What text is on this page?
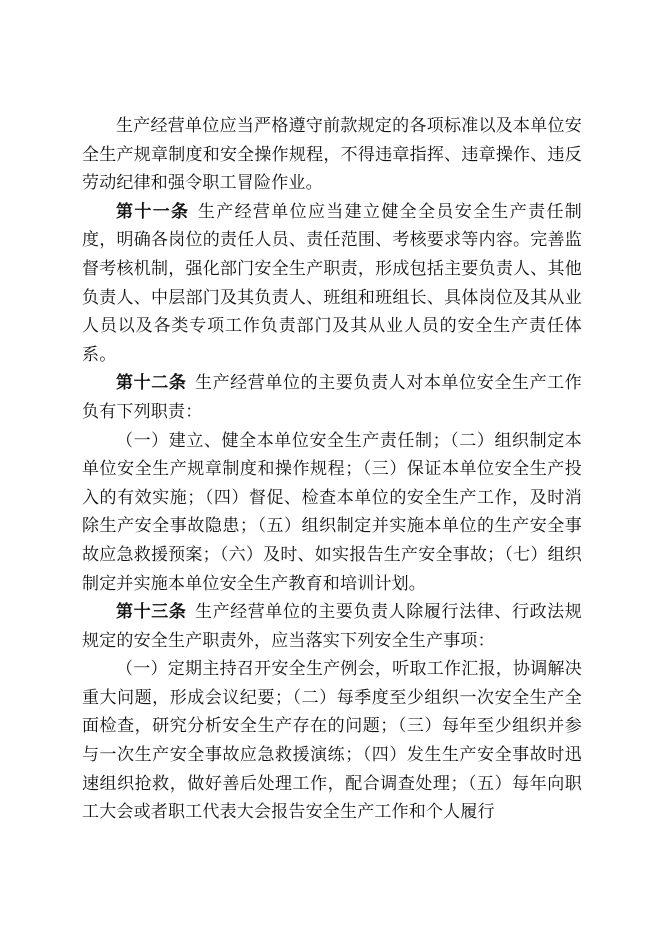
生产经营单位应当严格遵守前款规定的各项标准以及本单位安全生产规章制度和安全操作规程，不得违章指挥、违章操作、违反劳动纪律和强令职工冒险作业。

第十一条 生产经营单位应当建立健全全员安全生产责任制度，明确各岗位的责任人员、责任范围、考核要求等内容。完善监督考核机制，强化部门安全生产职责，形成包括主要负责人、其他负责人、中层部门及其负责人、班组和班组长、具体岗位及其从业人员以及各类专项工作负责部门及其从业人员的安全生产责任体系。

第十二条 生产经营单位的主要负责人对本单位安全生产工作负有下列职责：

（一）建立、健全本单位安全生产责任制；（二）组织制定本单位安全生产规章制度和操作规程；（三）保证本单位安全生产投入的有效实施；（四）督促、检查本单位的安全生产工作，及时消除生产安全事故隐患；（五）组织制定并实施本单位的生产安全事故应急救援预案；（六）及时、如实报告生产安全事故；（七）组织制定并实施本单位安全生产教育和培训计划。

第十三条 生产经营单位的主要负责人除履行法律、行政法规规定的安全生产职责外，应当落实下列安全生产事项：

（一）定期主持召开安全生产例会，听取工作汇报，协调解决重大问题，形成会议纪要；（二）每季度至少组织一次安全生产全面检查，研究分析安全生产存在的问题；（三）每年至少组织并参与一次生产安全事故应急救援演练；（四）发生生产安全事故时迅速组织抢救，做好善后处理工作，配合调查处理；（五）每年向职工大会或者职工代表大会报告安全生产工作和个人履行
